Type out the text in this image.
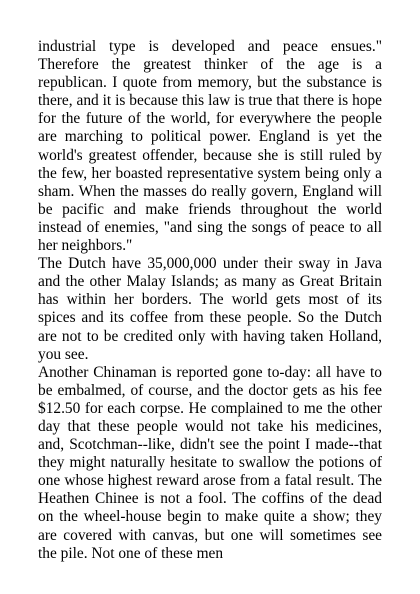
industrial type is developed and peace ensues." Therefore the greatest thinker of the age is a republican. I quote from memory, but the substance is there, and it is because this law is true that there is hope for the future of the world, for everywhere the people are marching to political power. England is yet the world's greatest offender, because she is still ruled by the few, her boasted representative system being only a sham. When the masses do really govern, England will be pacific and make friends throughout the world instead of enemies, "and sing the songs of peace to all her neighbors."

The Dutch have 35,000,000 under their sway in Java and the other Malay Islands; as many as Great Britain has within her borders. The world gets most of its spices and its coffee from these people. So the Dutch are not to be credited only with having taken Holland, you see.

Another Chinaman is reported gone to-day: all have to be embalmed, of course, and the doctor gets as his fee $12.50 for each corpse. He complained to me the other day that these people would not take his medicines, and, Scotchman--like, didn't see the point I made--that they might naturally hesitate to swallow the potions of one whose highest reward arose from a fatal result. The Heathen Chinee is not a fool. The coffins of the dead on the wheel-house begin to make quite a show; they are covered with canvas, but one will sometimes see the pile. Not one of these men
